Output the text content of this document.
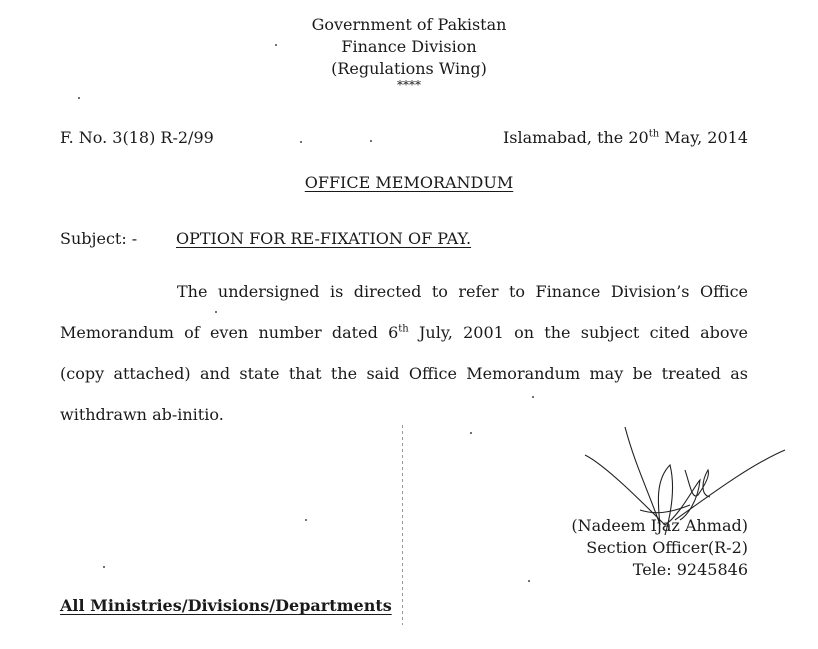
Government of Pakistan
Finance Division
(Regulations Wing)
****
F. No. 3(18) R-2/99	Islamabad, the 20th May, 2014
OFFICE MEMORANDUM
Subject: - OPTION FOR RE-FIXATION OF PAY.
The undersigned is directed to refer to Finance Division’s Office
Memorandum of even number dated 6th July, 2001 on the subject cited above
(copy attached) and state that the said Office Memorandum may be treated as
withdrawn ab-initio.
(Nadeem Ijaz Ahmad)
Section Officer(R-2)
Tele: 9245846
All Ministries/Divisions/Departments
